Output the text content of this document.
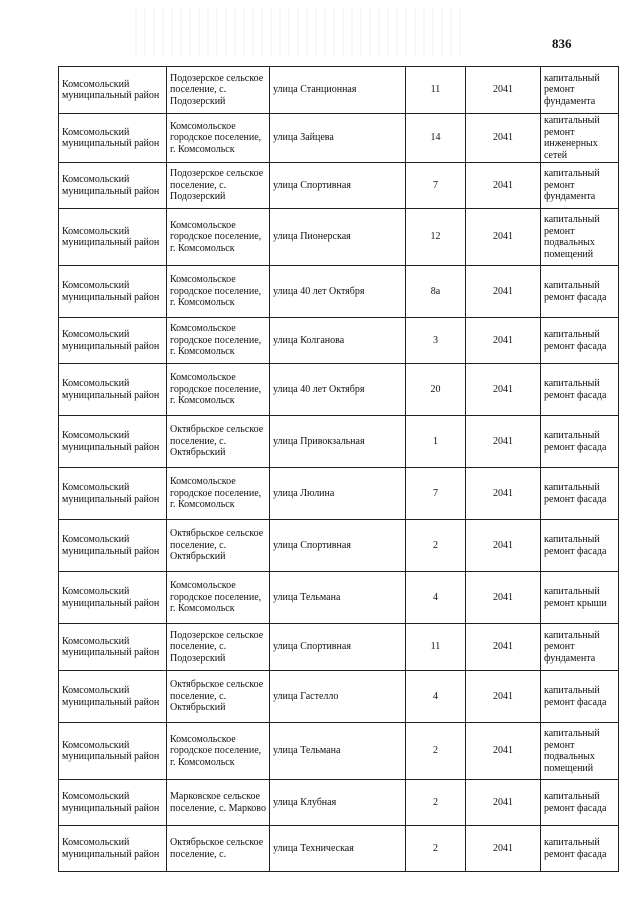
836
Комсомольский муниципальный район	Подозерское сельское поселение, с. Подозерский	улица Станционная	11	2041	капитальный ремонт фундамента
Комсомольский муниципальный район	Комсомольское городское поселение, г. Комсомольск	улица Зайцева	14	2041	капитальный ремонт инженерных сетей
Комсомольский муниципальный район	Подозерское сельское поселение, с. Подозерский	улица Спортивная	7	2041	капитальный ремонт фундамента
Комсомольский муниципальный район	Комсомольское городское поселение, г. Комсомольск	улица Пионерская	12	2041	капитальный ремонт подвальных помещений
Комсомольский муниципальный район	Комсомольское городское поселение, г. Комсомольск	улица 40 лет Октября	8а	2041	капитальный ремонт фасада
Комсомольский муниципальный район	Комсомольское городское поселение, г. Комсомольск	улица Колганова	3	2041	капитальный ремонт фасада
Комсомольский муниципальный район	Комсомольское городское поселение, г. Комсомольск	улица 40 лет Октября	20	2041	капитальный ремонт фасада
Комсомольский муниципальный район	Октябрьское сельское поселение, с. Октябрьский	улица Привокзальная	1	2041	капитальный ремонт фасада
Комсомольский муниципальный район	Комсомольское городское поселение, г. Комсомольск	улица Люлина	7	2041	капитальный ремонт фасада
Комсомольский муниципальный район	Октябрьское сельское поселение, с. Октябрьский	улица Спортивная	2	2041	капитальный ремонт фасада
Комсомольский муниципальный район	Комсомольское городское поселение, г. Комсомольск	улица Тельмана	4	2041	капитальный ремонт крыши
Комсомольский муниципальный район	Подозерское сельское поселение, с. Подозерский	улица Спортивная	11	2041	капитальный ремонт фундамента
Комсомольский муниципальный район	Октябрьское сельское поселение, с. Октябрьский	улица Гастелло	4	2041	капитальный ремонт фасада
Комсомольский муниципальный район	Комсомольское городское поселение, г. Комсомольск	улица Тельмана	2	2041	капитальный ремонт подвальных помещений
Комсомольский муниципальный район	Марковское сельское поселение, с. Марково	улица Клубная	2	2041	капитальный ремонт фасада
Комсомольский муниципальный район	Октябрьское сельское поселение, с.	улица Техническая	2	2041	капитальный ремонт фасада
